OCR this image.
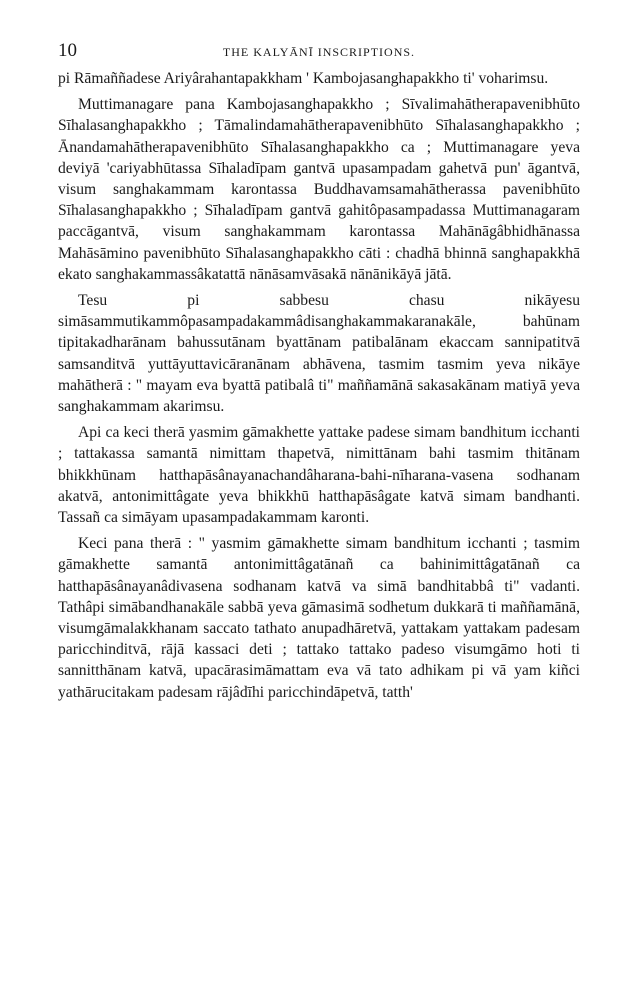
10	THE KALYĀNĪ INSCRIPTIONS.

pi Rāmaññadese Ariyârahantapakkham ' Kambojasanghapakkho ti' voharimsu.

Muttimanagare pana Kambojasanghapakkho ; Sīvalimahātherapavenibhūto Sīhalasanghapakkho ; Tāmalindamahātherapavenibhūto Sīhalasanghapakkho ; Ānandamahātherapavenibhūto Sīhalasanghapakkho ca ; Muttimanagare yeva deviyā 'cariyabhūtassa Sīhaladīpam gantvā upasampadam gahetvā pun' āgantvā, visum sanghakammam karontassa Buddhavamsamahātherassa pavenibhūto Sīhalasanghapakkho ; Sīhaladīpam gantvā gahitôpasampadassa Muttimanagaram paccāgantvā, visum sanghakammam karontassa Mahānāgâbhidhānassa Mahāsāmino pavenibhūto Sīhalasanghapakkho cāti : chadhā bhinnā sanghapakkhā ekato sanghakammassâkatattā nānāsamvāsakā nānānikāyā jātā.

Tesu pi sabbesu chasu nikāyesu simāsammutikammôpasampadakammâdisanghakammakaranakāle, bahūnam tipitakadharānam bahussutānam byattānam patibalānam ekaccam sannipatitvā samsanditvā yuttāyuttavicāranānam abhāvena, tasmim tasmim yeva nikāye mahātherā : " mayam eva byattā patibalâ ti" maññamānā sakasakānam matiyā yeva sanghakammam akarimsu.

Api ca keci therā yasmim gāmakhette yattake padese simam bandhitum icchanti ; tattakassa samantā nimittam thapetvā, nimittānam bahi tasmim thitānam bhikkhūnam hatthapāsânayanachandâharana-bahi-nīharana-vasena sodhanam akatvā, antonimittâgate yeva bhikkhū hatthapāsâgate katvā simam bandhanti. Tassañ ca simāyam upasampadakammam karonti.

Keci pana therā : " yasmim gāmakhette simam bandhitum icchanti ; tasmim gāmakhette samantā antonimittâgatānañ ca bahinimittâgatānañ ca hatthapāsânayanâdivasena sodhanam katvā va simā bandhitabbâ ti" vadanti. Tathâpi simābandhanakāle sabbā yeva gāmasimā sodhetum dukkarā ti maññamānā, visumgāmalakkhanam saccato tathato anupadhāretvā, yattakam yattakam padesam paricchinditvā, rājā kassaci deti ; tattako tattako padeso visumgāmo hoti ti sannitthānam katvā, upacārasimāmattam eva vā tato adhikam pi vā yam kiñci yathārucitakam padesam rājâdīhi paricchindāpetvā, tatth'
